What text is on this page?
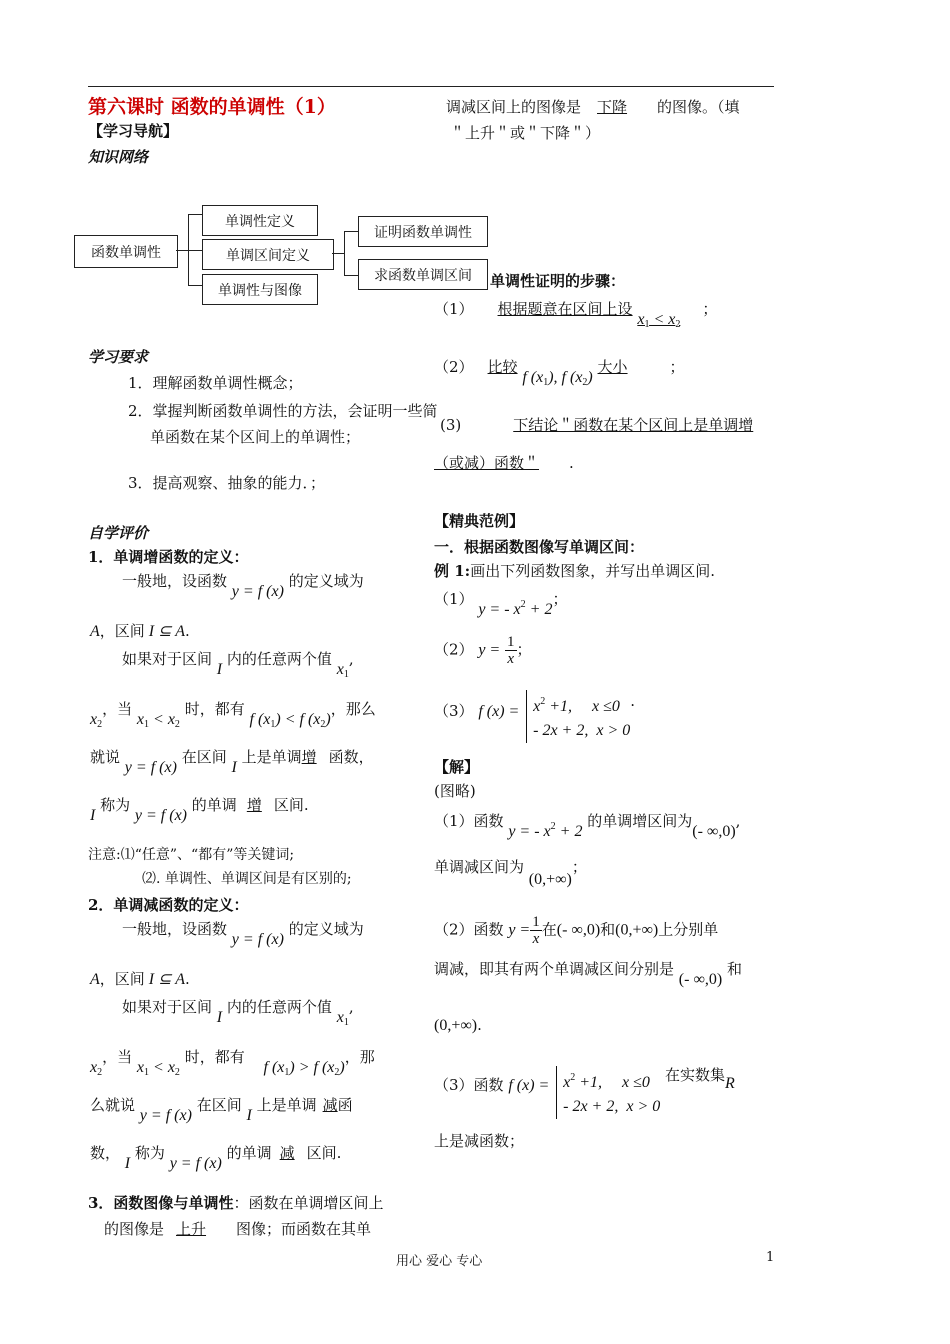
第六课时 函数的单调性（1）
【学习导航】
知识网络
函数单调性
单调性定义
单调区间定义
单调性与图像
证明函数单调性
求函数单调区间
学习要求
1．理解函数单调性概念；
2．掌握判断函数单调性的方法，会证明一些简单函数在某个区间上的单调性；
3．提高观察、抽象的能力．；
自学评价
1．单调增函数的定义：
一般地，设函数 y = f (x) 的定义域为
A，区间 I ⊆ A.
如果对于区间 I 内的任意两个值 $x_1$,
$x_2$，当 $x_1 < x_2$ 时，都有 f $(x_1) < f$ $(x_2)$，那么
就说 y = f (x) 在区间 I 上是单调增 函数，
I 称为 y = f (x) 的单调 增 区间.
注意:⑴“任意”、“都有”等关键词;
⑵. 单调性、单调区间是有区别的;
2．单调减函数的定义：
一般地，设函数 y = f (x) 的定义域为
A，区间 I ⊆ A.
如果对于区间 I 内的任意两个值 $x_1$,
$x_2$，当 $x_1 < x_2$ 时，都有 f $(x_1) > f$ $(x_2)$，那
么就说 y = f (x) 在区间 I 上是单调 减函
数， I 称为 y = f (x) 的单调 减 区间.
3．函数图像与单调性：函数在单调增区间上
的图像是 上升 图像；而函数在其单
调减区间上的图像是 下降 的图像。（填
＂上升＂或＂下降＂）
单调性证明的步骤：
（1） 根据题意在区间上设 $x_1 < x_2$；
（2） 比较 f $(x_1)$, f $(x_2)$ 大小	；
(3)	下结论＂函数在某个区间上是单调增
（或减）函数＂ .
【精典范例】
一．根据函数图像写单调区间：
例 1:画出下列函数图象，并写出单调区间.
（1） y = - $x^2 + 2$；
（2） $y = \frac{1}{x}$ ；
（3） f $(x) = x^2 +1$,     x ≤0
- 2x + 2,  x > 0
.
【解】
(图略)
（1）函数 y = - $x^2 + 2$ 的单调增区间为(- ∞,0),
单调减区间为 (0,+∞)；
（2）函数 $y = \frac{1}{x}$ 在(- ∞,0)和(0,+∞)上分别单
调减，即其有两个单调减区间分别是 (- ∞,0) 和
(0,+∞).
（3）函数 f $(x) = x^2 +1$,     x ≤0
- 2x + 2,  x > 0
在实数集R
上是减函数；
用心 爱心 专心	1
